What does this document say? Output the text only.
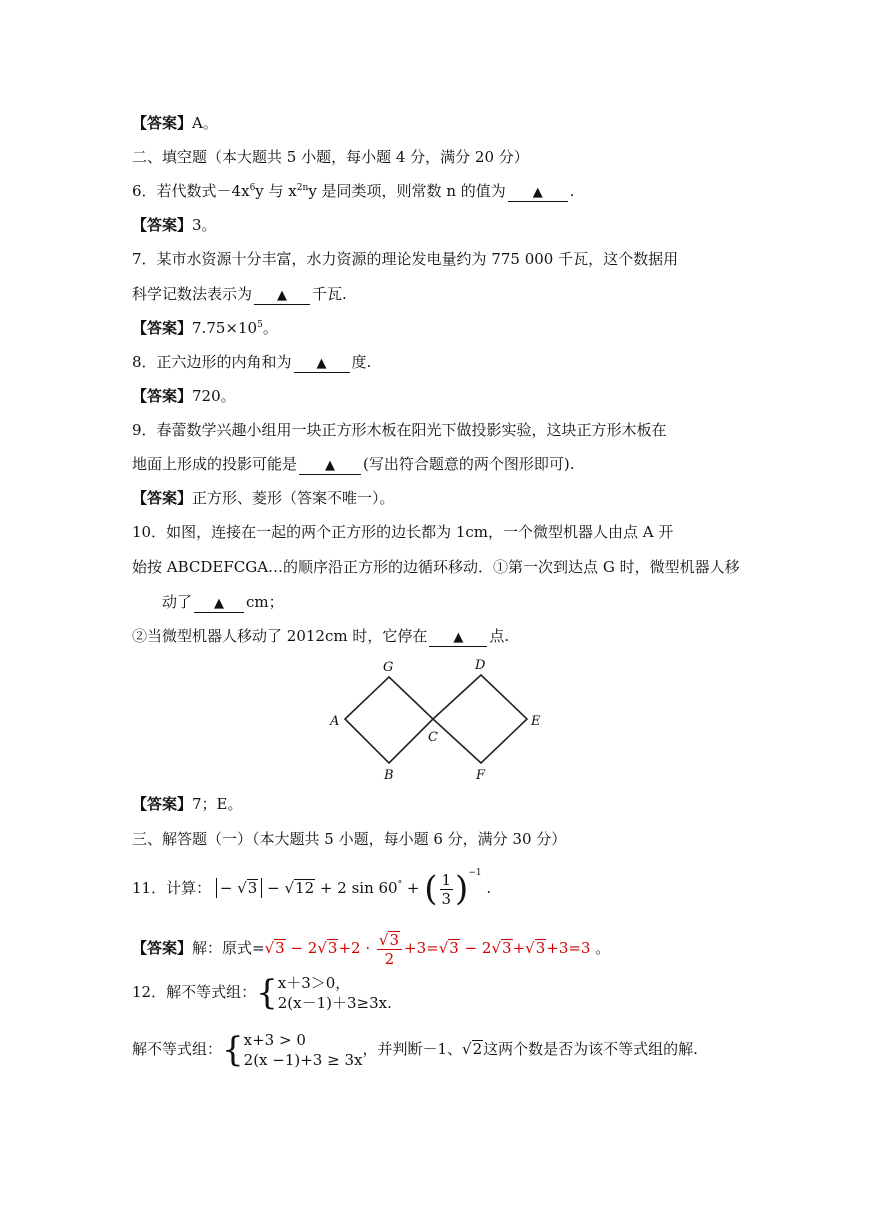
【答案】A。
二、填空题（本大题共 5 小题，每小题 4 分，满分 20 分）
6．若代数式$-4x^6y$ 与 $x^{2n}y$ 是同类项，则常数 n 的值为 ▲ .
【答案】3。
7．某市水资源十分丰富，水力资源的理论发电量约为 775 000 千瓦，这个数据用
科学记数法表示为 ▲ 千瓦.
【答案】$7.75\times 10^5$。
8．正六边形的内角和为 ▲ 度.
【答案】720。
9．春蕾数学兴趣小组用一块正方形木板在阳光下做投影实验，这块正方形木板在
地面上形成的投影可能是 ▲ (写出符合题意的两个图形即可).
【答案】正方形、菱形（答案不唯一）。
10．如图，连接在一起的两个正方形的边长都为 1cm，一个微型机器人由点 A 开
始按 ABCDEFCGA…的顺序沿正方形的边循环移动．①第一次到达点 G 时，微型机器人移
动了 ▲ cm；
②当微型机器人移动了 2012cm 时，它停在 ▲ 点.
A
G
C
B
D
E
F
【答案】7；E。
三、解答题（一）（本大题共 5 小题，每小题 6 分，满分 30 分）
11．计算： − √3 − √12 + 2 sin 60° + ( $\frac{1}{3} )^{-1}$ .
【答案】解：原式$=√3 - 2√3+2 \cdot \frac{√3}{2} +3=√3 - 2√3+√3+3=3$ 。
12．解不等式组：{ x＋3＞0，
2(x－1)＋3≥3x.
解不等式组：{ x+3 > 0
2(x −1)+3 ≥ 3x
，并判断－1、√2这两个数是否为该不等式组的解.
